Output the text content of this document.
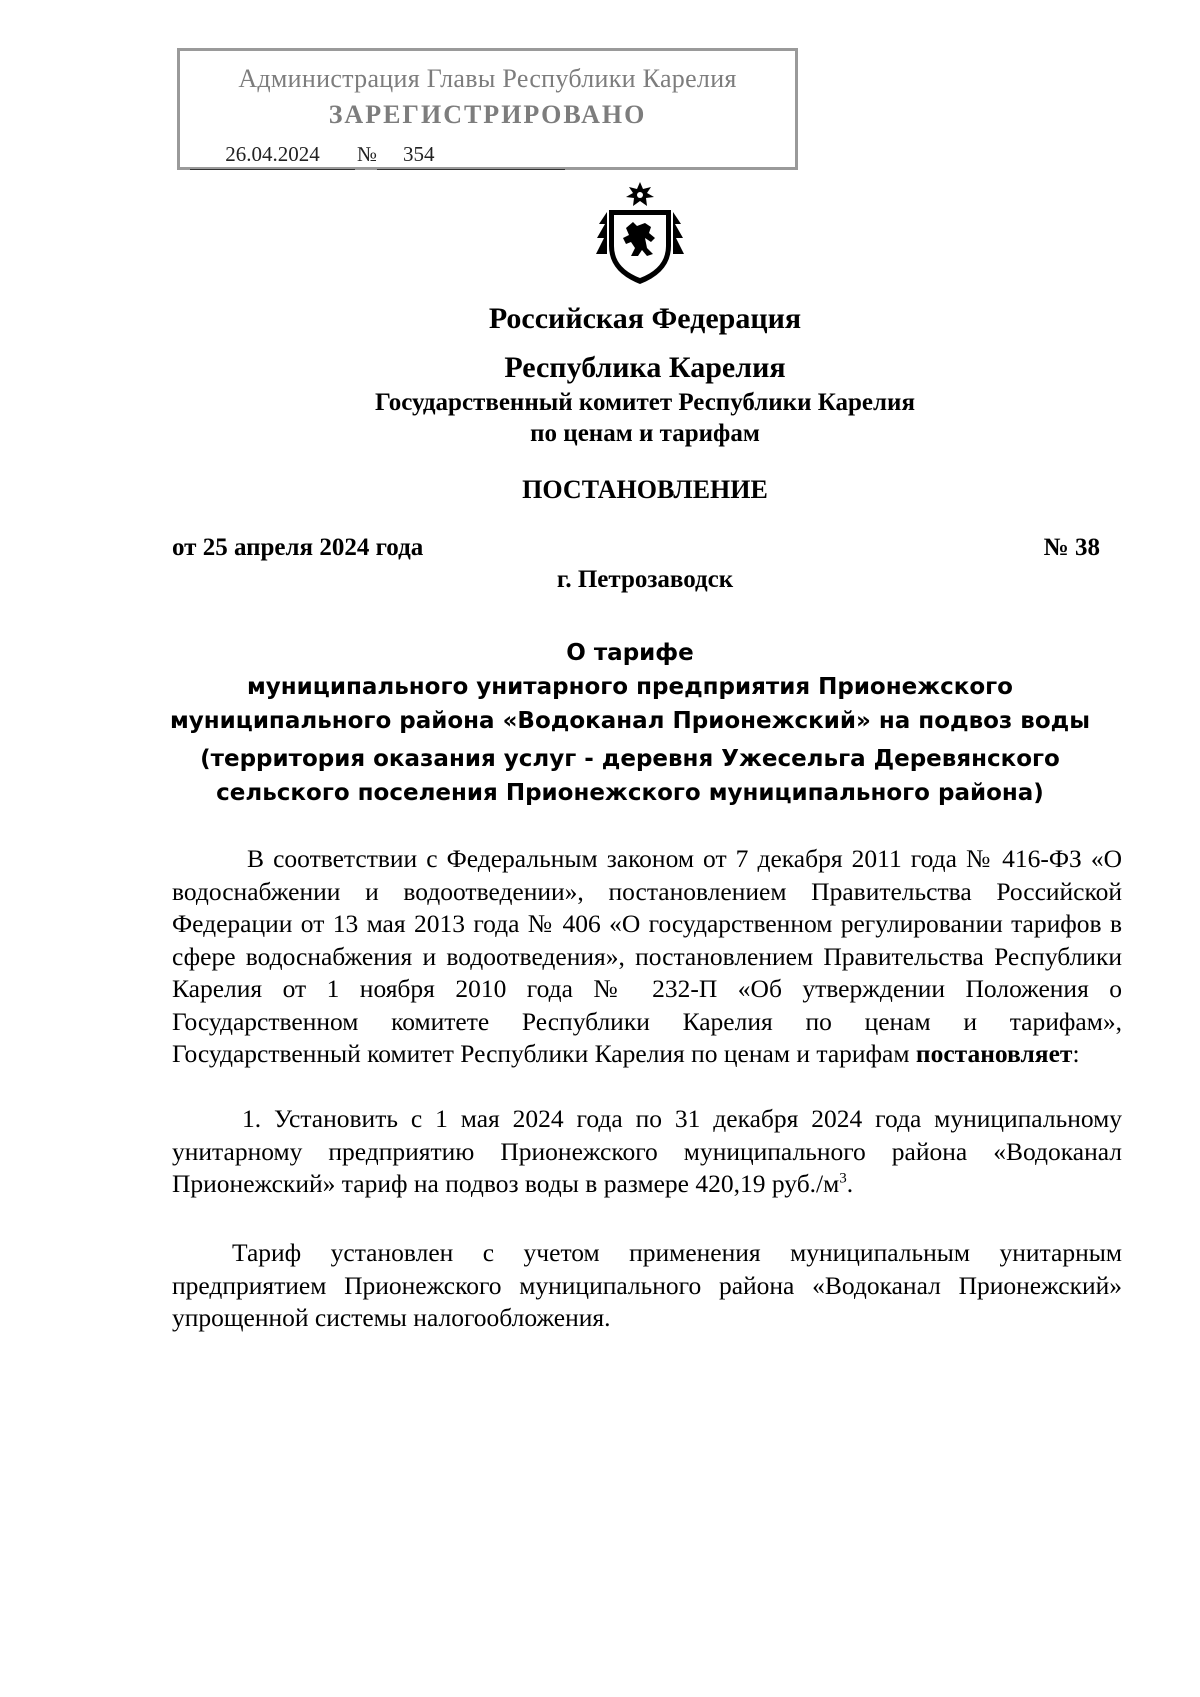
Администрация Главы Республики Карелия
ЗАРЕГИСТРИРОВАНО
26.04.2024 № 354
Российская Федерация
Республика Карелия
Государственный комитет Республики Карелия
по ценам и тарифам
ПОСТАНОВЛЕНИЕ
от 25 апреля 2024 года	№ 38
г. Петрозаводск
О тарифе
муниципального унитарного предприятия Прионежского
муниципального района «Водоканал Прионежский» на подвоз воды
(территория оказания услуг - деревня Ужесельга Деревянского
сельского поселения Прионежского муниципального района)
В соответствии с Федеральным законом от 7 декабря 2011 года № 416-ФЗ «О водоснабжении и водоотведении», постановлением Правительства Российской Федерации от 13 мая 2013 года № 406 «О государственном регулировании тарифов в сфере водоснабжения и водоотведения», постановлением Правительства Республики Карелия от 1 ноября 2010 года № 232-П «Об утверждении Положения о Государственном комитете Республики Карелия по ценам и тарифам», Государственный комитет Республики Карелия по ценам и тарифам постановляет:
1. Установить с 1 мая 2024 года по 31 декабря 2024 года муниципальному унитарному предприятию Прионежского муниципального района «Водоканал Прионежский» тариф на подвоз воды в размере 420,19 $руб./м^3$.
Тариф установлен с учетом применения муниципальным унитарным предприятием Прионежского муниципального района «Водоканал Прионежский» упрощенной системы налогообложения.
